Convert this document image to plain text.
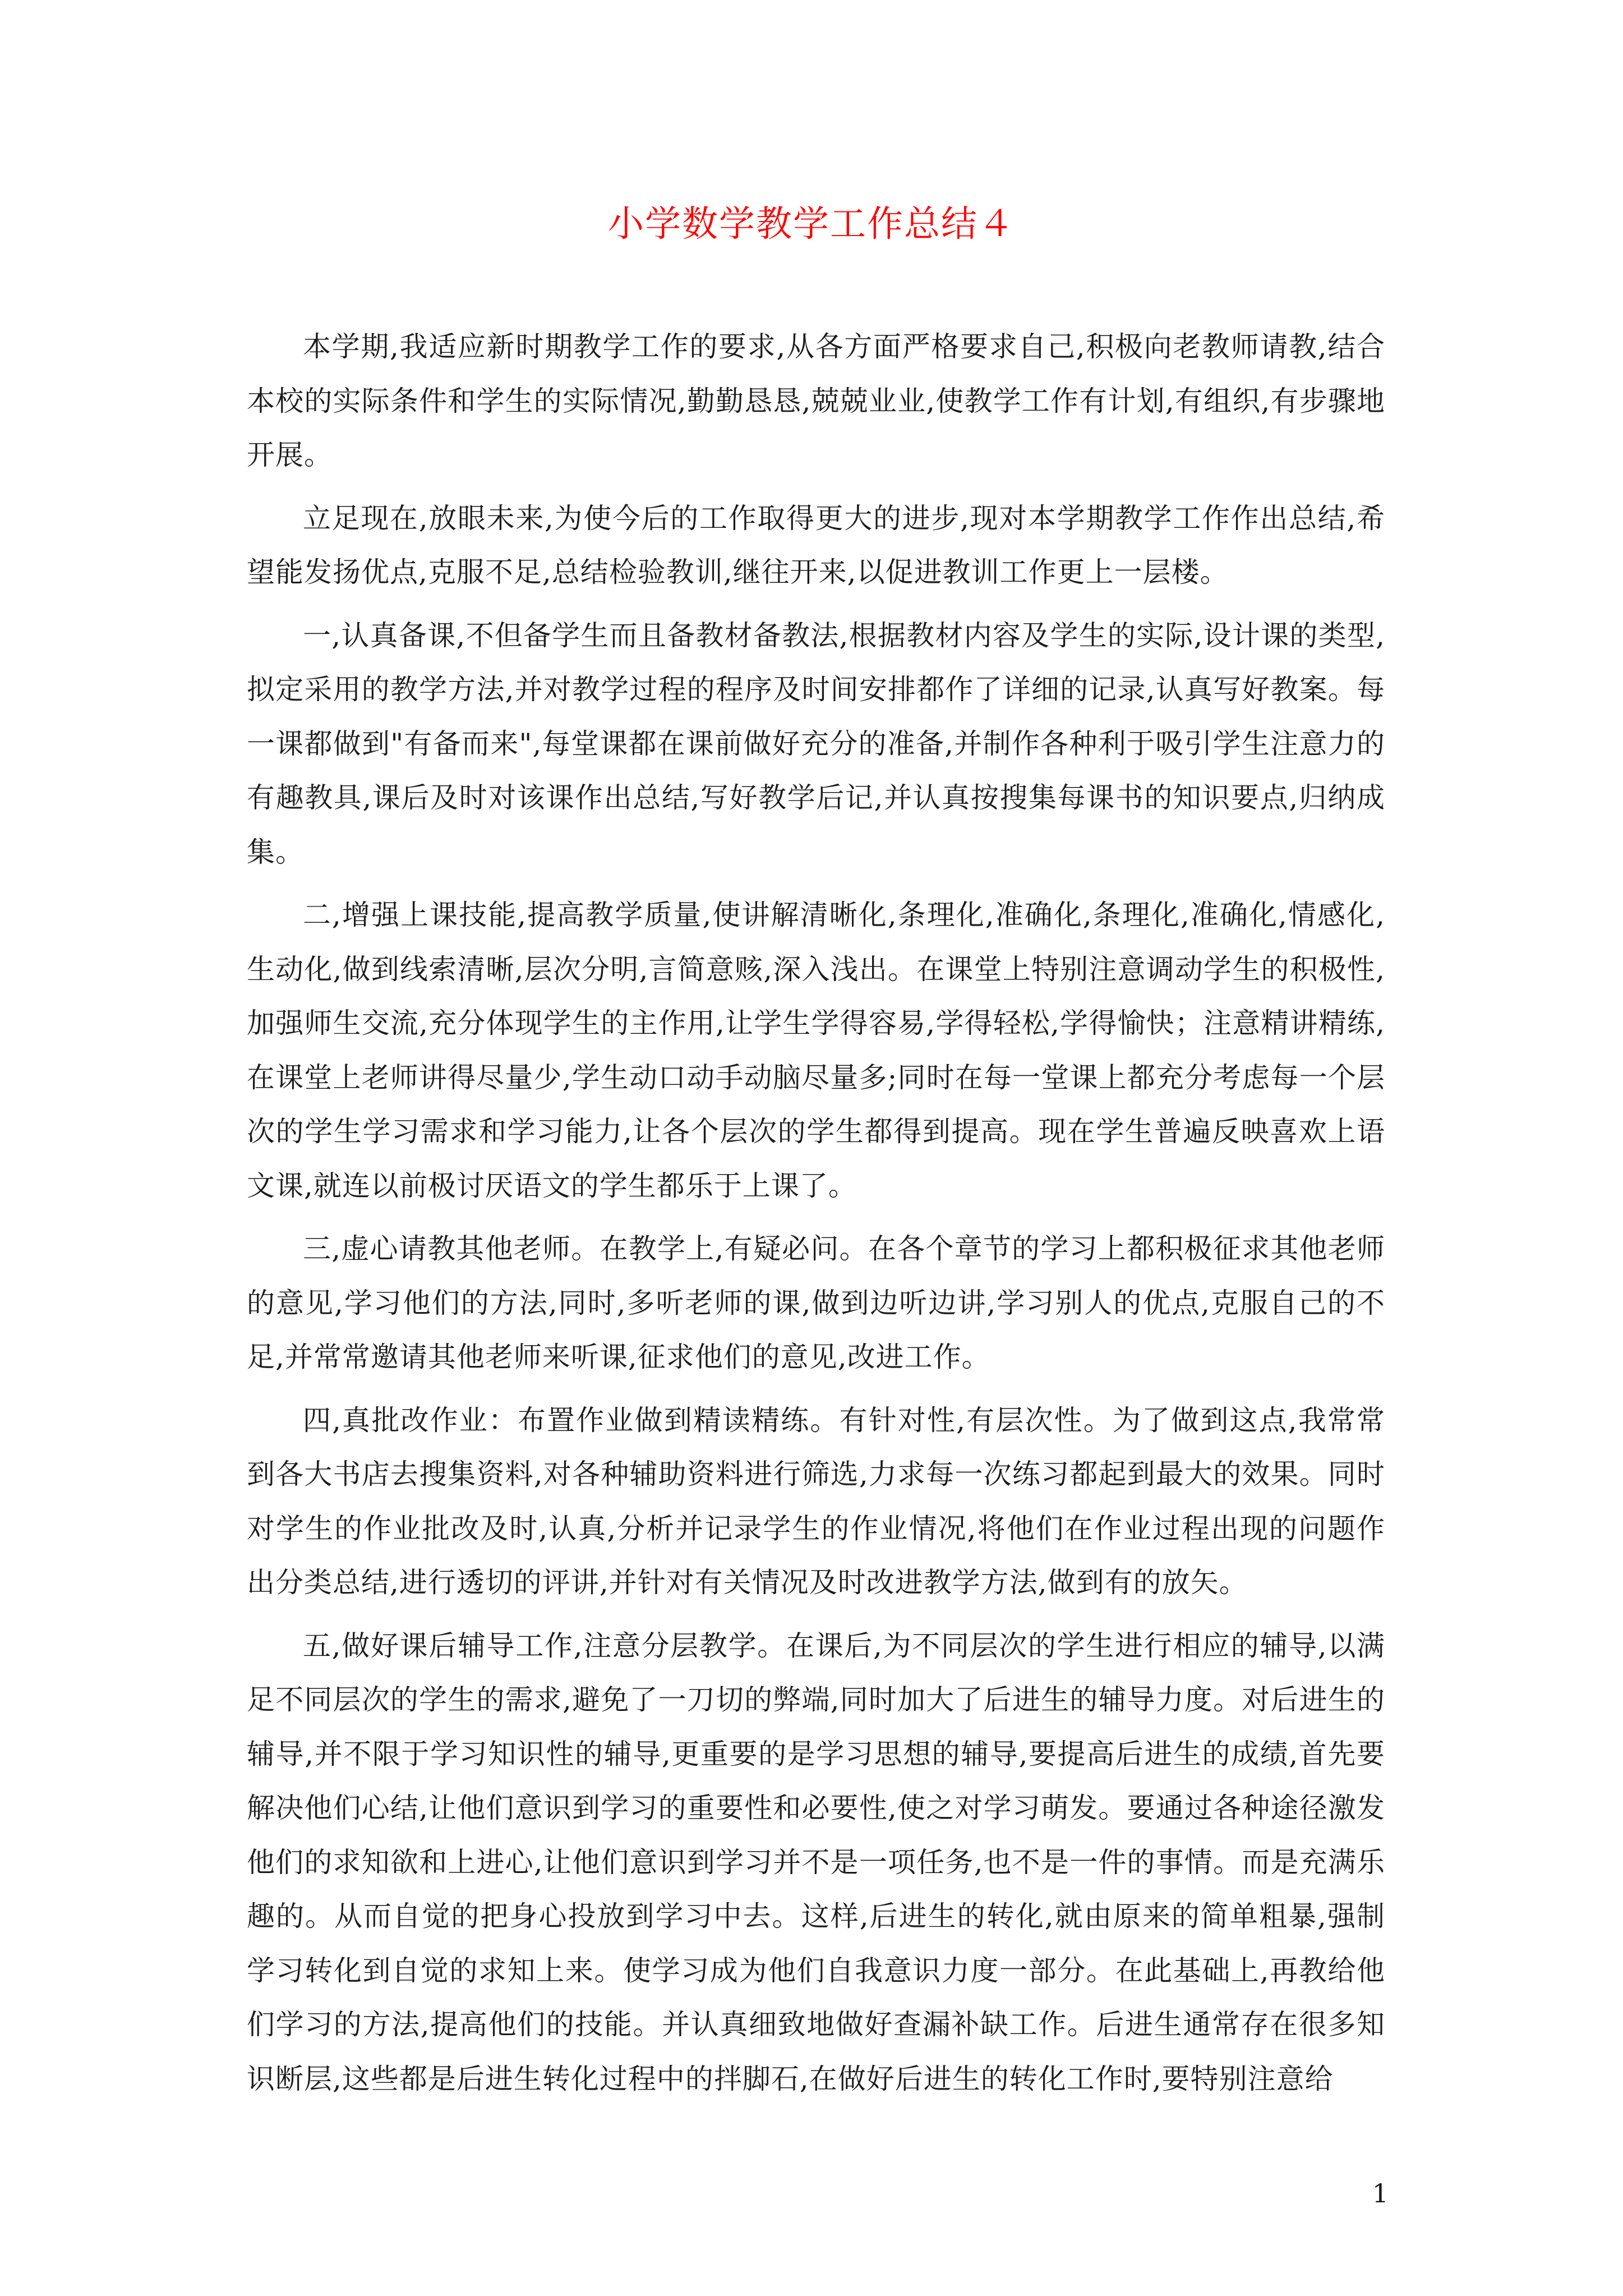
小学数学教学工作总结４

本学期,我适应新时期教学工作的要求,从各方面严格要求自己,积极向老教师请教,结合本校的实际条件和学生的实际情况,勤勤恳恳,兢兢业业,使教学工作有计划,有组织,有步骤地开展。

立足现在,放眼未来,为使今后的工作取得更大的进步,现对本学期教学工作作出总结,希望能发扬优点,克服不足,总结检验教训,继往开来,以促进教训工作更上一层楼。

一,认真备课,不但备学生而且备教材备教法,根据教材内容及学生的实际,设计课的类型,拟定采用的教学方法,并对教学过程的程序及时间安排都作了详细的记录,认真写好教案。每一课都做到"有备而来",每堂课都在课前做好充分的准备,并制作各种利于吸引学生注意力的有趣教具,课后及时对该课作出总结,写好教学后记,并认真按搜集每课书的知识要点,归纳成集。

二,增强上课技能,提高教学质量,使讲解清晰化,条理化,准确化,条理化,准确化,情感化,生动化,做到线索清晰,层次分明,言简意赅,深入浅出。在课堂上特别注意调动学生的积极性,加强师生交流,充分体现学生的主作用,让学生学得容易,学得轻松,学得愉快；注意精讲精练,在课堂上老师讲得尽量少,学生动口动手动脑尽量多;同时在每一堂课上都充分考虑每一个层次的学生学习需求和学习能力,让各个层次的学生都得到提高。现在学生普遍反映喜欢上语文课,就连以前极讨厌语文的学生都乐于上课了。

三,虚心请教其他老师。在教学上,有疑必问。在各个章节的学习上都积极征求其他老师的意见,学习他们的方法,同时,多听老师的课,做到边听边讲,学习别人的优点,克服自己的不足,并常常邀请其他老师来听课,征求他们的意见,改进工作。

四,真批改作业：布置作业做到精读精练。有针对性,有层次性。为了做到这点,我常常到各大书店去搜集资料,对各种辅助资料进行筛选,力求每一次练习都起到最大的效果。同时对学生的作业批改及时,认真,分析并记录学生的作业情况,将他们在作业过程出现的问题作出分类总结,进行透切的评讲,并针对有关情况及时改进教学方法,做到有的放矢。

五,做好课后辅导工作,注意分层教学。在课后,为不同层次的学生进行相应的辅导,以满足不同层次的学生的需求,避免了一刀切的弊端,同时加大了后进生的辅导力度。对后进生的辅导,并不限于学习知识性的辅导,更重要的是学习思想的辅导,要提高后进生的成绩,首先要解决他们心结,让他们意识到学习的重要性和必要性,使之对学习萌发。要通过各种途径激发他们的求知欲和上进心,让他们意识到学习并不是一项任务,也不是一件的事情。而是充满乐趣的。从而自觉的把身心投放到学习中去。这样,后进生的转化,就由原来的简单粗暴,强制学习转化到自觉的求知上来。使学习成为他们自我意识力度一部分。在此基础上,再教给他们学习的方法,提高他们的技能。并认真细致地做好查漏补缺工作。后进生通常存在很多知识断层,这些都是后进生转化过程中的拌脚石,在做好后进生的转化工作时,要特别注意给

1
